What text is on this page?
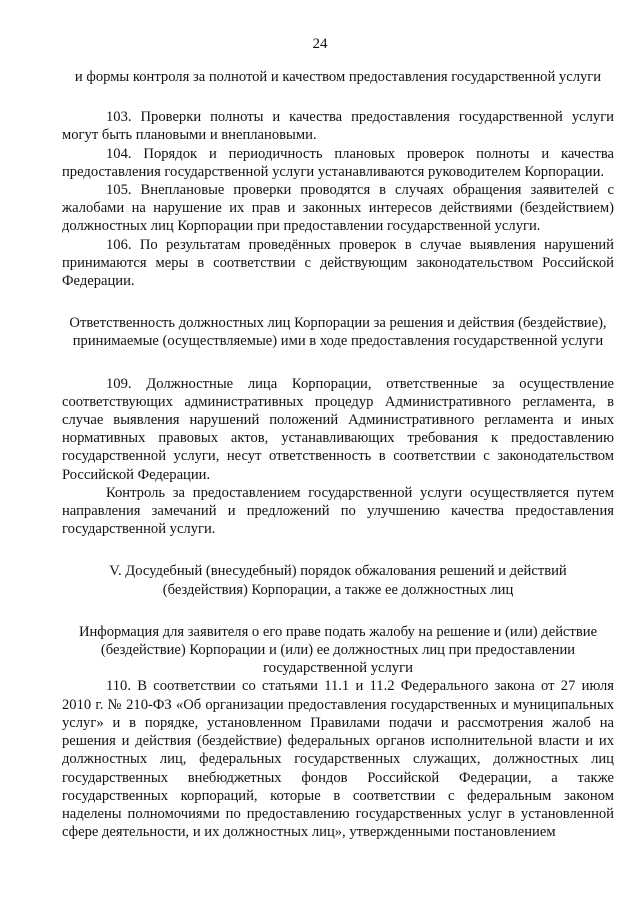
24

и формы контроля за полнотой и качеством предоставления государственной услуги

103. Проверки полноты и качества предоставления государственной услуги могут быть плановыми и внеплановыми.

104. Порядок и периодичность плановых проверок полноты и качества предоставления государственной услуги устанавливаются руководителем Корпорации.

105. Внеплановые проверки проводятся в случаях обращения заявителей с жалобами на нарушение их прав и законных интересов действиями (бездействием) должностных лиц Корпорации при предоставлении государственной услуги.

106. По результатам проведённых проверок в случае выявления нарушений принимаются меры в соответствии с действующим законодательством Российской Федерации.

Ответственность должностных лиц Корпорации за решения и действия (бездействие), принимаемые (осуществляемые) ими в ходе предоставления государственной услуги

109. Должностные лица Корпорации, ответственные за осуществление соответствующих административных процедур Административного регламента, в случае выявления нарушений положений Административного регламента и иных нормативных правовых актов, устанавливающих требования к предоставлению государственной услуги, несут ответственность в соответствии с законодательством Российской Федерации.

Контроль за предоставлением государственной услуги осуществляется путем направления замечаний и предложений по улучшению качества предоставления государственной услуги.

V. Досудебный (внесудебный) порядок обжалования решений и действий (бездействия) Корпорации, а также ее должностных лиц

Информация для заявителя о его праве подать жалобу на решение и (или) действие (бездействие) Корпорации и (или) ее должностных лиц при предоставлении государственной услуги

110. В соответствии со статьями 11.1 и 11.2 Федерального закона от 27 июля 2010 г. № 210-ФЗ «Об организации предоставления государственных и муниципальных услуг» и в порядке, установленном Правилами подачи и рассмотрения жалоб на решения и действия (бездействие) федеральных органов исполнительной власти и их должностных лиц, федеральных государственных служащих, должностных лиц государственных внебюджетных фондов Российской Федерации, а также государственных корпораций, которые в соответствии с федеральным законом наделены полномочиями по предоставлению государственных услуг в установленной сфере деятельности, и их должностных лиц», утвержденными постановлением
